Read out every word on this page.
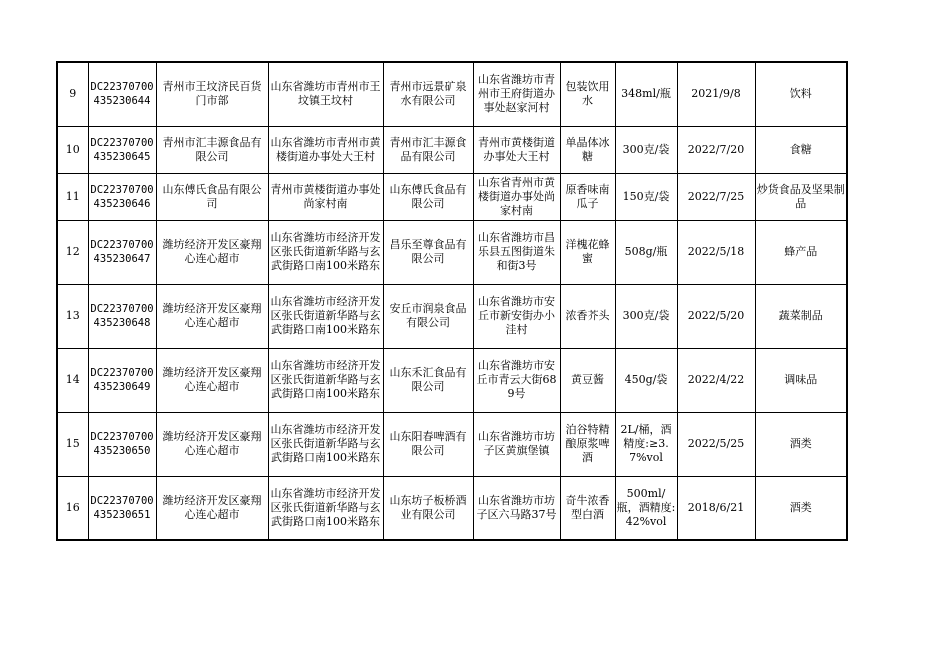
9	DC22370700435230644	青州市王坟济民百货门市部	山东省潍坊市青州市王坟镇王坟村	青州市远景矿泉水有限公司	山东省潍坊市青州市王府街道办事处赵家河村	包装饮用水	348ml/瓶	2021/9/8	饮料
10	DC22370700435230645	青州市汇丰源食品有限公司	山东省潍坊市青州市黄楼街道办事处大王村	青州市汇丰源食品有限公司	青州市黄楼街道办事处大王村	单晶体冰糖	300克/袋	2022/7/20	食糖
11	DC22370700435230646	山东傅氏食品有限公司	青州市黄楼街道办事处尚家村南	山东傅氏食品有限公司	山东省青州市黄楼街道办事处尚家村南	原香味南瓜子	150克/袋	2022/7/25	炒货食品及坚果制品
12	DC22370700435230647	潍坊经济开发区豪翔心连心超市	山东省潍坊市经济开发区张氏街道新华路与玄武街路口南100米路东	昌乐至尊食品有限公司	山东省潍坊市昌乐县五图街道朱和街3号	洋槐花蜂蜜	508g/瓶	2022/5/18	蜂产品
13	DC22370700435230648	潍坊经济开发区豪翔心连心超市	山东省潍坊市经济开发区张氏街道新华路与玄武街路口南100米路东	安丘市润泉食品有限公司	山东省潍坊市安丘市新安街办小洼村	浓香芥头	300克/袋	2022/5/20	蔬菜制品
14	DC22370700435230649	潍坊经济开发区豪翔心连心超市	山东省潍坊市经济开发区张氏街道新华路与玄武街路口南100米路东	山东禾汇食品有限公司	山东省潍坊市安丘市青云大街689号	黄豆酱	450g/袋	2022/4/22	调味品
15	DC22370700435230650	潍坊经济开发区豪翔心连心超市	山东省潍坊市经济开发区张氏街道新华路与玄武街路口南100米路东	山东阳春啤酒有限公司	山东省潍坊市坊子区黄旗堡镇	泊谷特精酿原浆啤酒	2L/桶，酒精度:≥3.7%vol	2022/5/25	酒类
16	DC22370700435230651	潍坊经济开发区豪翔心连心超市	山东省潍坊市经济开发区张氏街道新华路与玄武街路口南100米路东	山东坊子板桥酒业有限公司	山东省潍坊市坊子区六马路37号	奇牛浓香型白酒	500ml/瓶，酒精度:42%vol	2018/6/21	酒类
